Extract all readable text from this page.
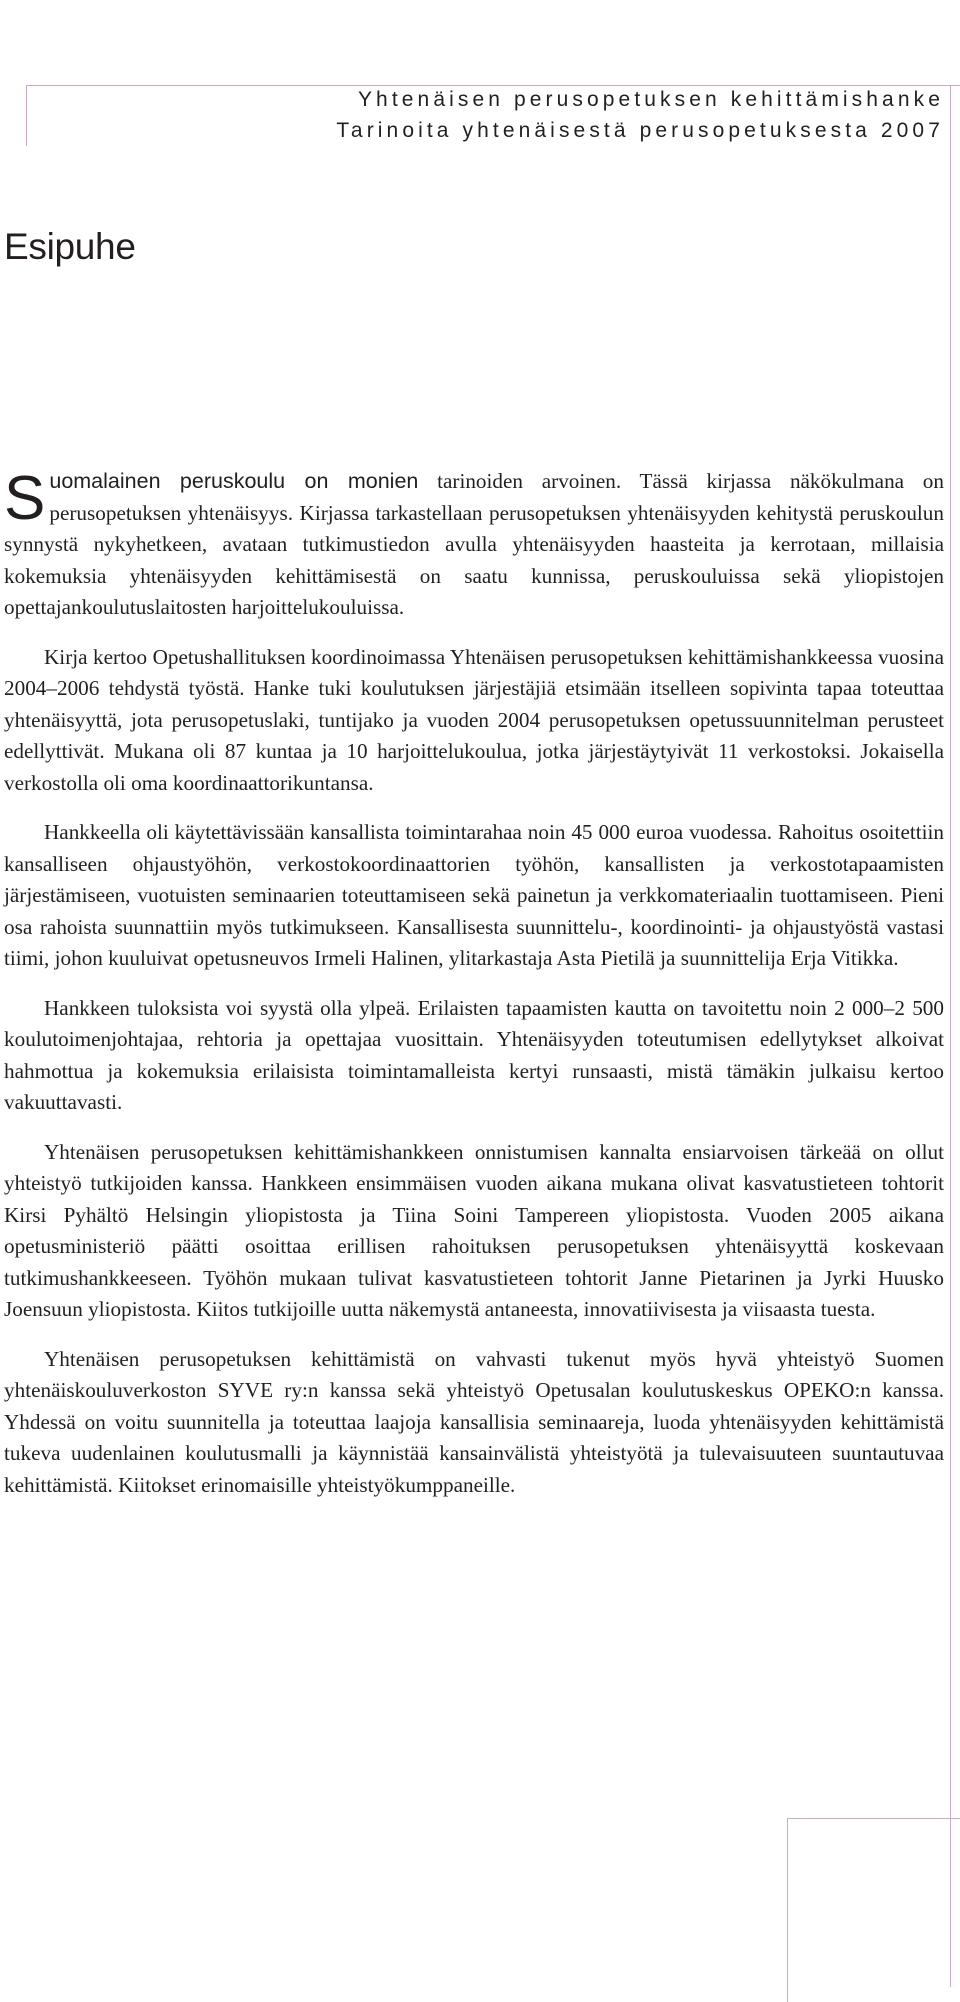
Yhtenäisen perusopetuksen kehittämishanke
Tarinoita yhtenäisestä perusopetuksesta 2007
Esipuhe

Suomalainen peruskoulu on monien tarinoiden arvoinen. Tässä kirjassa näkökulmana on perusopetuksen yhtenäisyys. Kirjassa tarkastellaan perusopetuksen yhtenäisyyden kehitystä peruskoulun synnystä nykyhetkeen, avataan tutkimustiedon avulla yhtenäisyyden haasteita ja kerrotaan, millaisia kokemuksia yhtenäisyyden kehittämisestä on saatu kunnissa, peruskouluissa sekä yliopistojen opettajankoulutuslaitosten harjoittelukouluissa.

Kirja kertoo Opetushallituksen koordinoimassa Yhtenäisen perusopetuksen kehittämishankkeessa vuosina 2004–2006 tehdystä työstä. Hanke tuki koulutuksen järjestäjiä etsimään itselleen sopivinta tapaa toteuttaa yhtenäisyyttä, jota perusopetuslaki, tuntijako ja vuoden 2004 perusopetuksen opetussuunnitelman perusteet edellyttivät. Mukana oli 87 kuntaa ja 10 harjoittelukoulua, jotka järjestäytyivät 11 verkostoksi. Jokaisella verkostolla oli oma koordinaattorikuntansa.

Hankkeella oli käytettävissään kansallista toimintarahaa noin 45 000 euroa vuodessa. Rahoitus osoitettiin kansalliseen ohjaustyöhön, verkostokoordinaattorien työhön, kansallisten ja verkostotapaamisten järjestämiseen, vuotuisten seminaarien toteuttamiseen sekä painetun ja verkkomateriaalin tuottamiseen. Pieni osa rahoista suunnattiin myös tutkimukseen. Kansallisesta suunnittelu-, koordinointi- ja ohjaustyöstä vastasi tiimi, johon kuuluivat opetusneuvos Irmeli Halinen, ylitarkastaja Asta Pietilä ja suunnittelija Erja Vitikka.

Hankkeen tuloksista voi syystä olla ylpeä. Erilaisten tapaamisten kautta on tavoitettu noin 2 000–2 500 koulutoimenjohtajaa, rehtoria ja opettajaa vuosittain. Yhtenäisyyden toteutumisen edellytykset alkoivat hahmottua ja kokemuksia erilaisista toimintamalleista kertyi runsaasti, mistä tämäkin julkaisu kertoo vakuuttavasti.

Yhtenäisen perusopetuksen kehittämishankkeen onnistumisen kannalta ensiarvoisen tärkeää on ollut yhteistyö tutkijoiden kanssa. Hankkeen ensimmäisen vuoden aikana mukana olivat kasvatustieteen tohtorit Kirsi Pyhältö Helsingin yliopistosta ja Tiina Soini Tampereen yliopistosta. Vuoden 2005 aikana opetusministeriö päätti osoittaa erillisen rahoituksen perusopetuksen yhtenäisyyttä koskevaan tutkimushankkeeseen. Työhön mukaan tulivat kasvatustieteen tohtorit Janne Pietarinen ja Jyrki Huusko Joensuun yliopistosta. Kiitos tutkijoille uutta näkemystä antaneesta, innovatiivisesta ja viisaasta tuesta.

Yhtenäisen perusopetuksen kehittämistä on vahvasti tukenut myös hyvä yhteistyö Suomen yhtenäiskouluverkoston SYVE ry:n kanssa sekä yhteistyö Opetusalan koulutuskeskus OPEKO:n kanssa. Yhdessä on voitu suunnitella ja toteuttaa laajoja kansallisia seminaareja, luoda yhtenäisyyden kehittämistä tukeva uudenlainen koulutusmalli ja käynnistää kansainvälistä yhteistyötä ja tulevaisuuteen suuntautuvaa kehittämistä. Kiitokset erinomaisille yhteistyökumppaneille.
